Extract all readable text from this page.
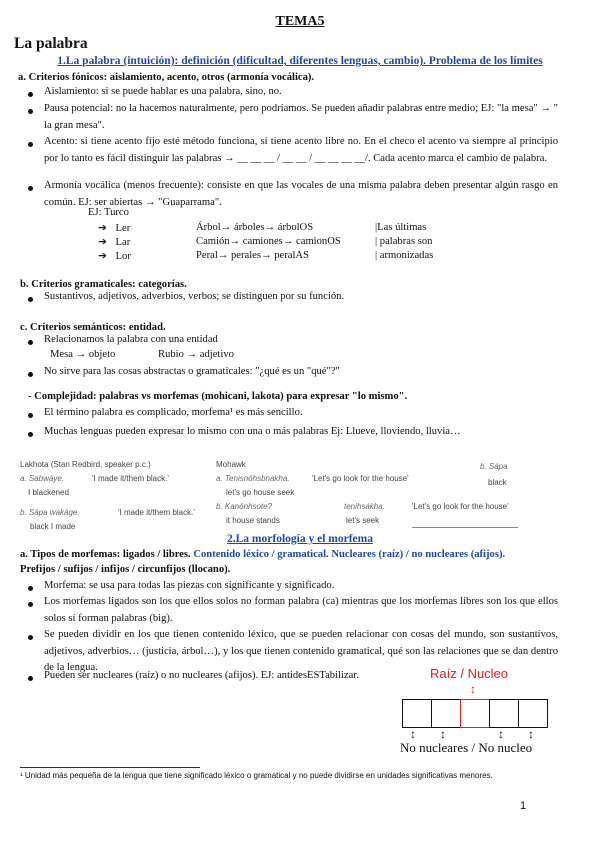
TEMA5
La palabra
1.La palabra (intuición): definición (dificultad, diferentes lenguas, cambio). Problema de los límites
a. Criterios fónicos: aislamiento, acento, otros (armonía vocálica).
Aislamiento: si se puede hablar es una palabra, sino, no.
Pausa potencial: no la hacemos naturalmente, pero podríamos. Se pueden añadir palabras entre medio; EJ: "la mesa" → " la gran mesa".
Acento: si tiene acento fijo esté método funciona, si tiene acento libre no. En el checo el acento va siempre al principio por lo tanto es fácil distinguir las palabras → __ __ __ / __ __ / __ __ __ __/. Cada acento marca el cambio de palabra.
Armonía vocálica (menos frecuente): consiste en que las vocales de una misma palabra deben presentar algún rasgo en común. EJ: ser abiertas → "Guaparrama".
EJ: Turco
➔ Ler	Árbol→ árboles→ árbolOS	|Las últimas
➔ Lar	Camión→ camiones→ camionOS	| palabras son
➔ Lor	Peral→ perales→ peralAS	| armonizadas
b. Criterios gramaticales: categorías.
Sustantivos, adjetivos, adverbios, verbos; se distinguen por su función.
c. Criterios semánticos: entidad.
Relacionamos la palabra con una entidad
Mesa → objeto	Rubio → adjetivo
No sirve para las cosas abstractas o gramaticales: "¿qué es un "qué"?"
- Complejidad: palabras vs morfemas (mohicani, lakota) para expresar "lo mismo".
El término palabra es complicado, morfema¹ es más sencillo.
Muchas lenguas pueden expresar lo mismo con una o más palabras Ej: Llueve, lloviendo, lluvia…
Lakhota (Stan Redbird, speaker p.c.)
a. Sabwáye.	'I made it/them black.'
I blackened
b. Sápa wakáge.	'I made it/them black.'
black I made
Mohawk
a. Tenisnóhsbnakha.	'Let's go look for the house'
let's go house seek
b. Kanónhsote?	tenihsákha.	'Let's go look for the house'
it house stands	let's seek
b. Sápa
black
2.La morfología y el morfema
a. Tipos de morfemas: ligados / libres. Contenido léxico / gramatical. Nucleares (raíz) / no nucleares (afijos).
Prefijos / sufijos / infijos / circunfijos (llocano).
Morfema: se usa para todas las piezas con significante y significado.
Los morfemas ligados son los que ellos solos no forman palabra (ca) mientras que los morfemas libres son los que ellos solos sí forman palabras (big).
Se pueden dividir en los que tienen contenido léxico, que se pueden relacionar con cosas del mundo, son sustantivos, adjetivos, adverbios… (justicia, árbol…), y los que tienen contenido gramatical, qué son las relaciones que se dan dentro de la lengua.
Pueden ser nucleares (raíz) o no nucleares (afijos). EJ: antidesESTabilizar.	Raíz / Nucleo
↕
↕ ↕	↕ ↕
No nucleares / No nucleo
¹ Unidad más pequeña de la lengua que tiene significado léxico o gramatical y no puede dividirse en unidades significativas menores.
1
